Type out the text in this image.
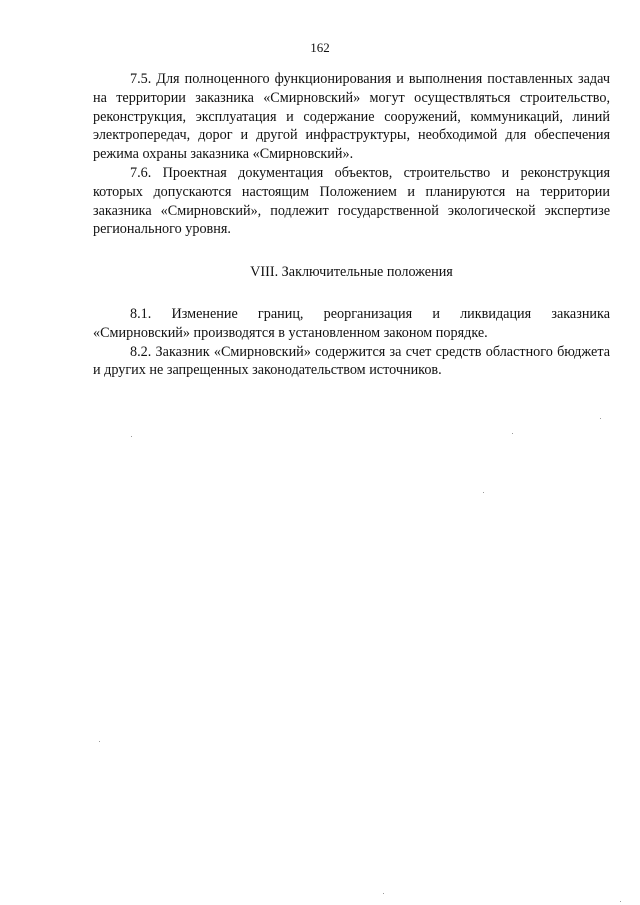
162

7.5. Для полноценного функционирования и выполнения поставленных задач на территории заказника «Смирновский» могут осуществляться строительство, реконструкция, эксплуатация и содержание сооружений, коммуникаций, линий электропередач, дорог и другой инфраструктуры, необходимой для обеспечения режима охраны заказника «Смирновский».

7.6. Проектная документация объектов, строительство и реконструкция которых допускаются настоящим Положением и планируются на территории заказника «Смирновский», подлежит государственной экологической экспертизе регионального уровня.

VIII. Заключительные положения

8.1. Изменение границ, реорганизация и ликвидация заказника «Смирновский» производятся в установленном законом порядке.

8.2. Заказник «Смирновский» содержится за счет средств областного бюджета и других не запрещенных законодательством источников.
